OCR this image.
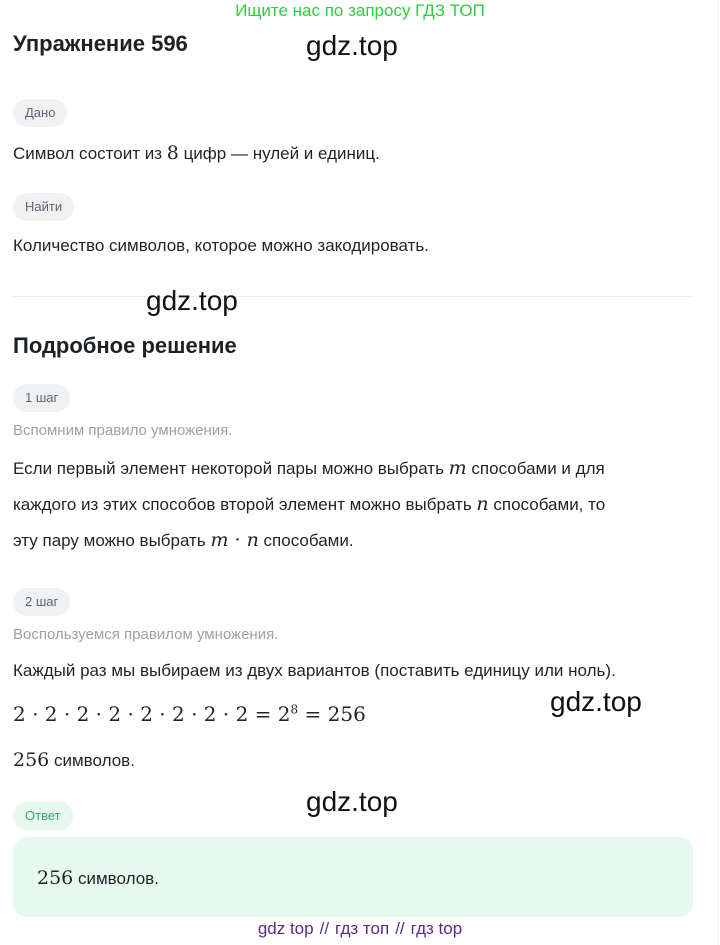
Ищите нас по запросу ГДЗ ТОП
Упражнение 596	gdz.top
Дано
Символ состоит из 8 цифр — нулей и единиц.
Найти
Количество символов, которое можно закодировать.
gdz.top
Подробное решение
1 шаг
Вспомним правило умножения.
Если первый элемент некоторой пары можно выбрать m способами и для
каждого из этих способов второй элемент можно выбрать n способами, то
эту пару можно выбрать m · n способами.
2 шаг
Воспользуемся правилом умножения.
Каждый раз мы выбираем из двух вариантов (поставить единицу или ноль).
$2 \cdot 2 \cdot 2 \cdot 2 \cdot 2 \cdot 2 \cdot 2 \cdot 2 = 2^8 = 256$	gdz.top
256 символов.
gdz.top
Ответ
256 символов.
gdz top // гдз топ // гдз top
